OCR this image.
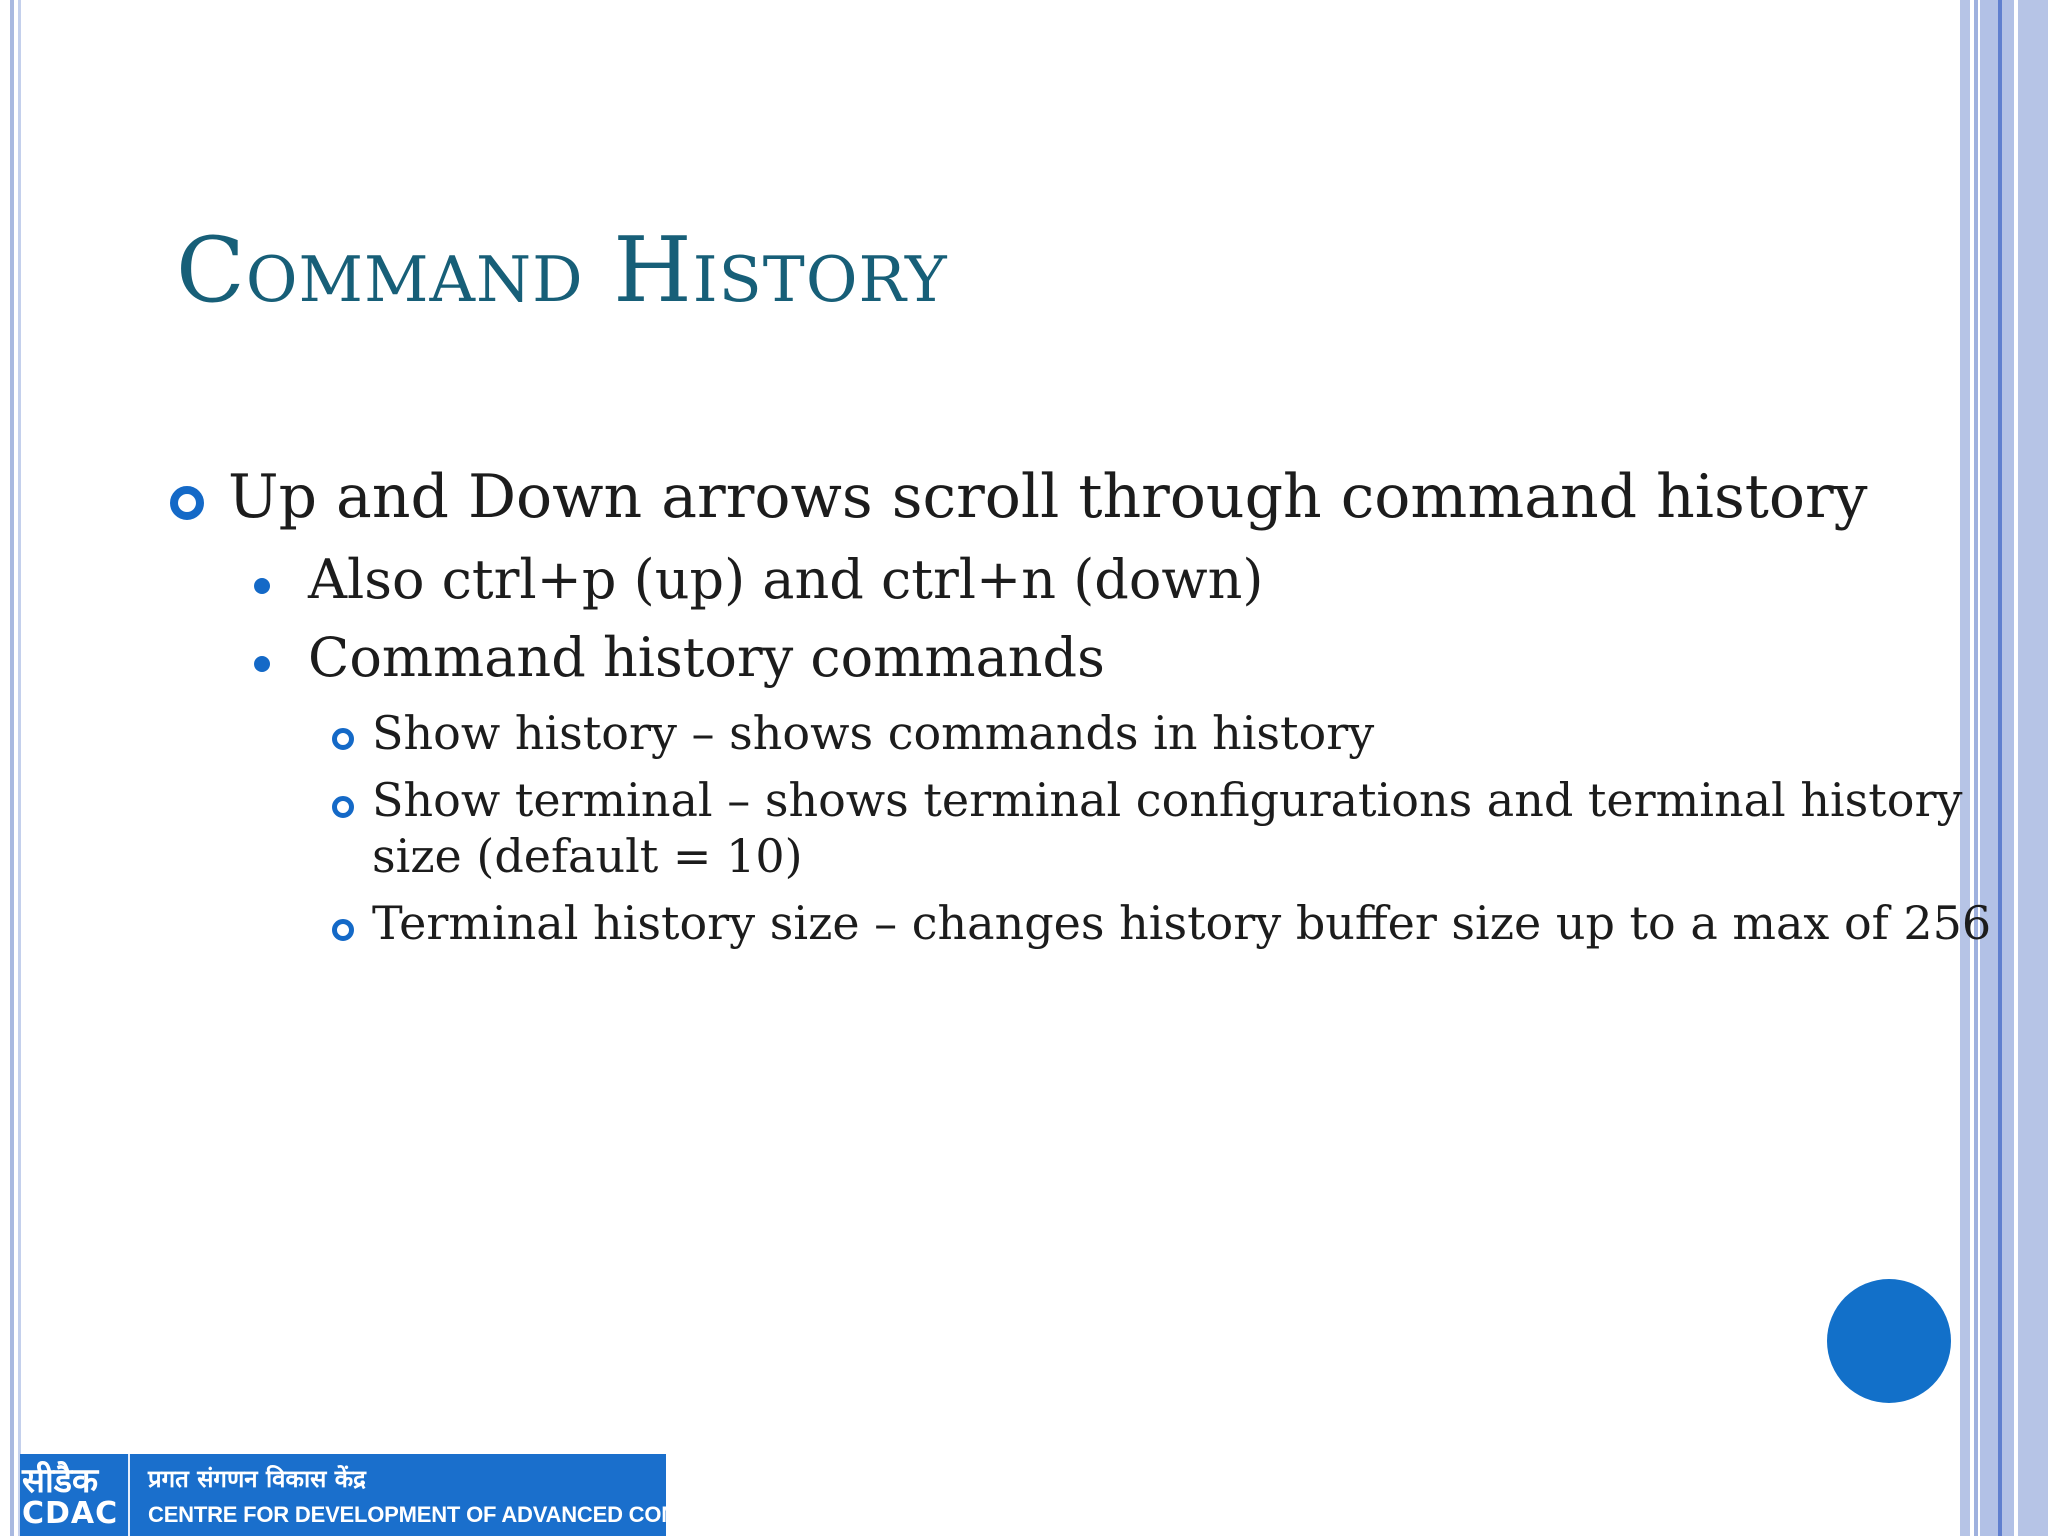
Command History
Up and Down arrows scroll through command history
Also ctrl+p (up) and ctrl+n (down)
Command history commands
Show history – shows commands in history
Show terminal – shows terminal configurations and terminal history
size (default = 10)
Terminal history size – changes history buffer size up to a max of 256
सीडैक
CDAC
प्रगत संगणन विकास केंद्र
CENTRE FOR DEVELOPMENT OF ADVANCED COMPUTING
